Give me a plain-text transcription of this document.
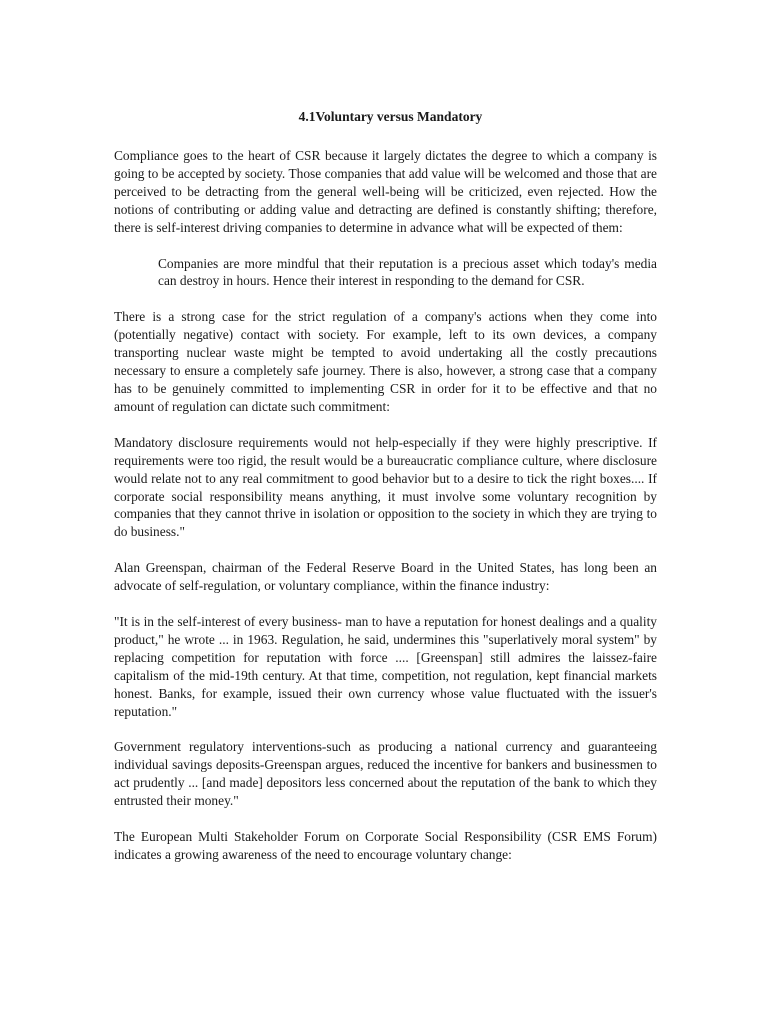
4.1Voluntary versus Mandatory

Compliance goes to the heart of CSR because it largely dictates the degree to which a company is going to be accepted by society. Those companies that add value will be welcomed and those that are perceived to be detracting from the general well-being will be criticized, even rejected. How the notions of contributing or adding value and detracting are defined is constantly shifting; therefore, there is self-interest driving companies to determine in advance what will be expected of them:

Companies are more mindful that their reputation is a precious asset which today's media can destroy in hours. Hence their interest in responding to the demand for CSR.

There is a strong case for the strict regulation of a company's actions when they come into (potentially negative) contact with society. For example, left to its own devices, a company transporting nuclear waste might be tempted to avoid undertaking all the costly precautions necessary to ensure a completely safe journey. There is also, however, a strong case that a company has to be genuinely committed to implementing CSR in order for it to be effective and that no amount of regulation can dictate such commitment:

Mandatory disclosure requirements would not help-especially if they were highly prescriptive. If requirements were too rigid, the result would be a bureaucratic compliance culture, where disclosure would relate not to any real commitment to good behavior but to a desire to tick the right boxes.... If corporate social responsibility means anything, it must involve some voluntary recognition by companies that they cannot thrive in isolation or opposition to the society in which they are trying to do business."

Alan Greenspan, chairman of the Federal Reserve Board in the United States, has long been an advocate of self-regulation, or voluntary compliance, within the finance industry:

"It is in the self-interest of every business- man to have a reputation for honest dealings and a quality product," he wrote ... in 1963. Regulation, he said, undermines this "superlatively moral system" by replacing competition for reputation with force .... [Greenspan] still admires the laissez-faire capitalism of the mid-19th century. At that time, competition, not regulation, kept financial markets honest. Banks, for example, issued their own currency whose value fluctuated with the issuer's reputation."

Government regulatory interventions-such as producing a national currency and guaranteeing individual savings deposits-Greenspan argues, reduced the incentive for bankers and businessmen to act prudently ... [and made] depositors less concerned about the reputation of the bank to which they entrusted their money."

The European Multi Stakeholder Forum on Corporate Social Responsibility (CSR EMS Forum) indicates a growing awareness of the need to encourage voluntary change:
